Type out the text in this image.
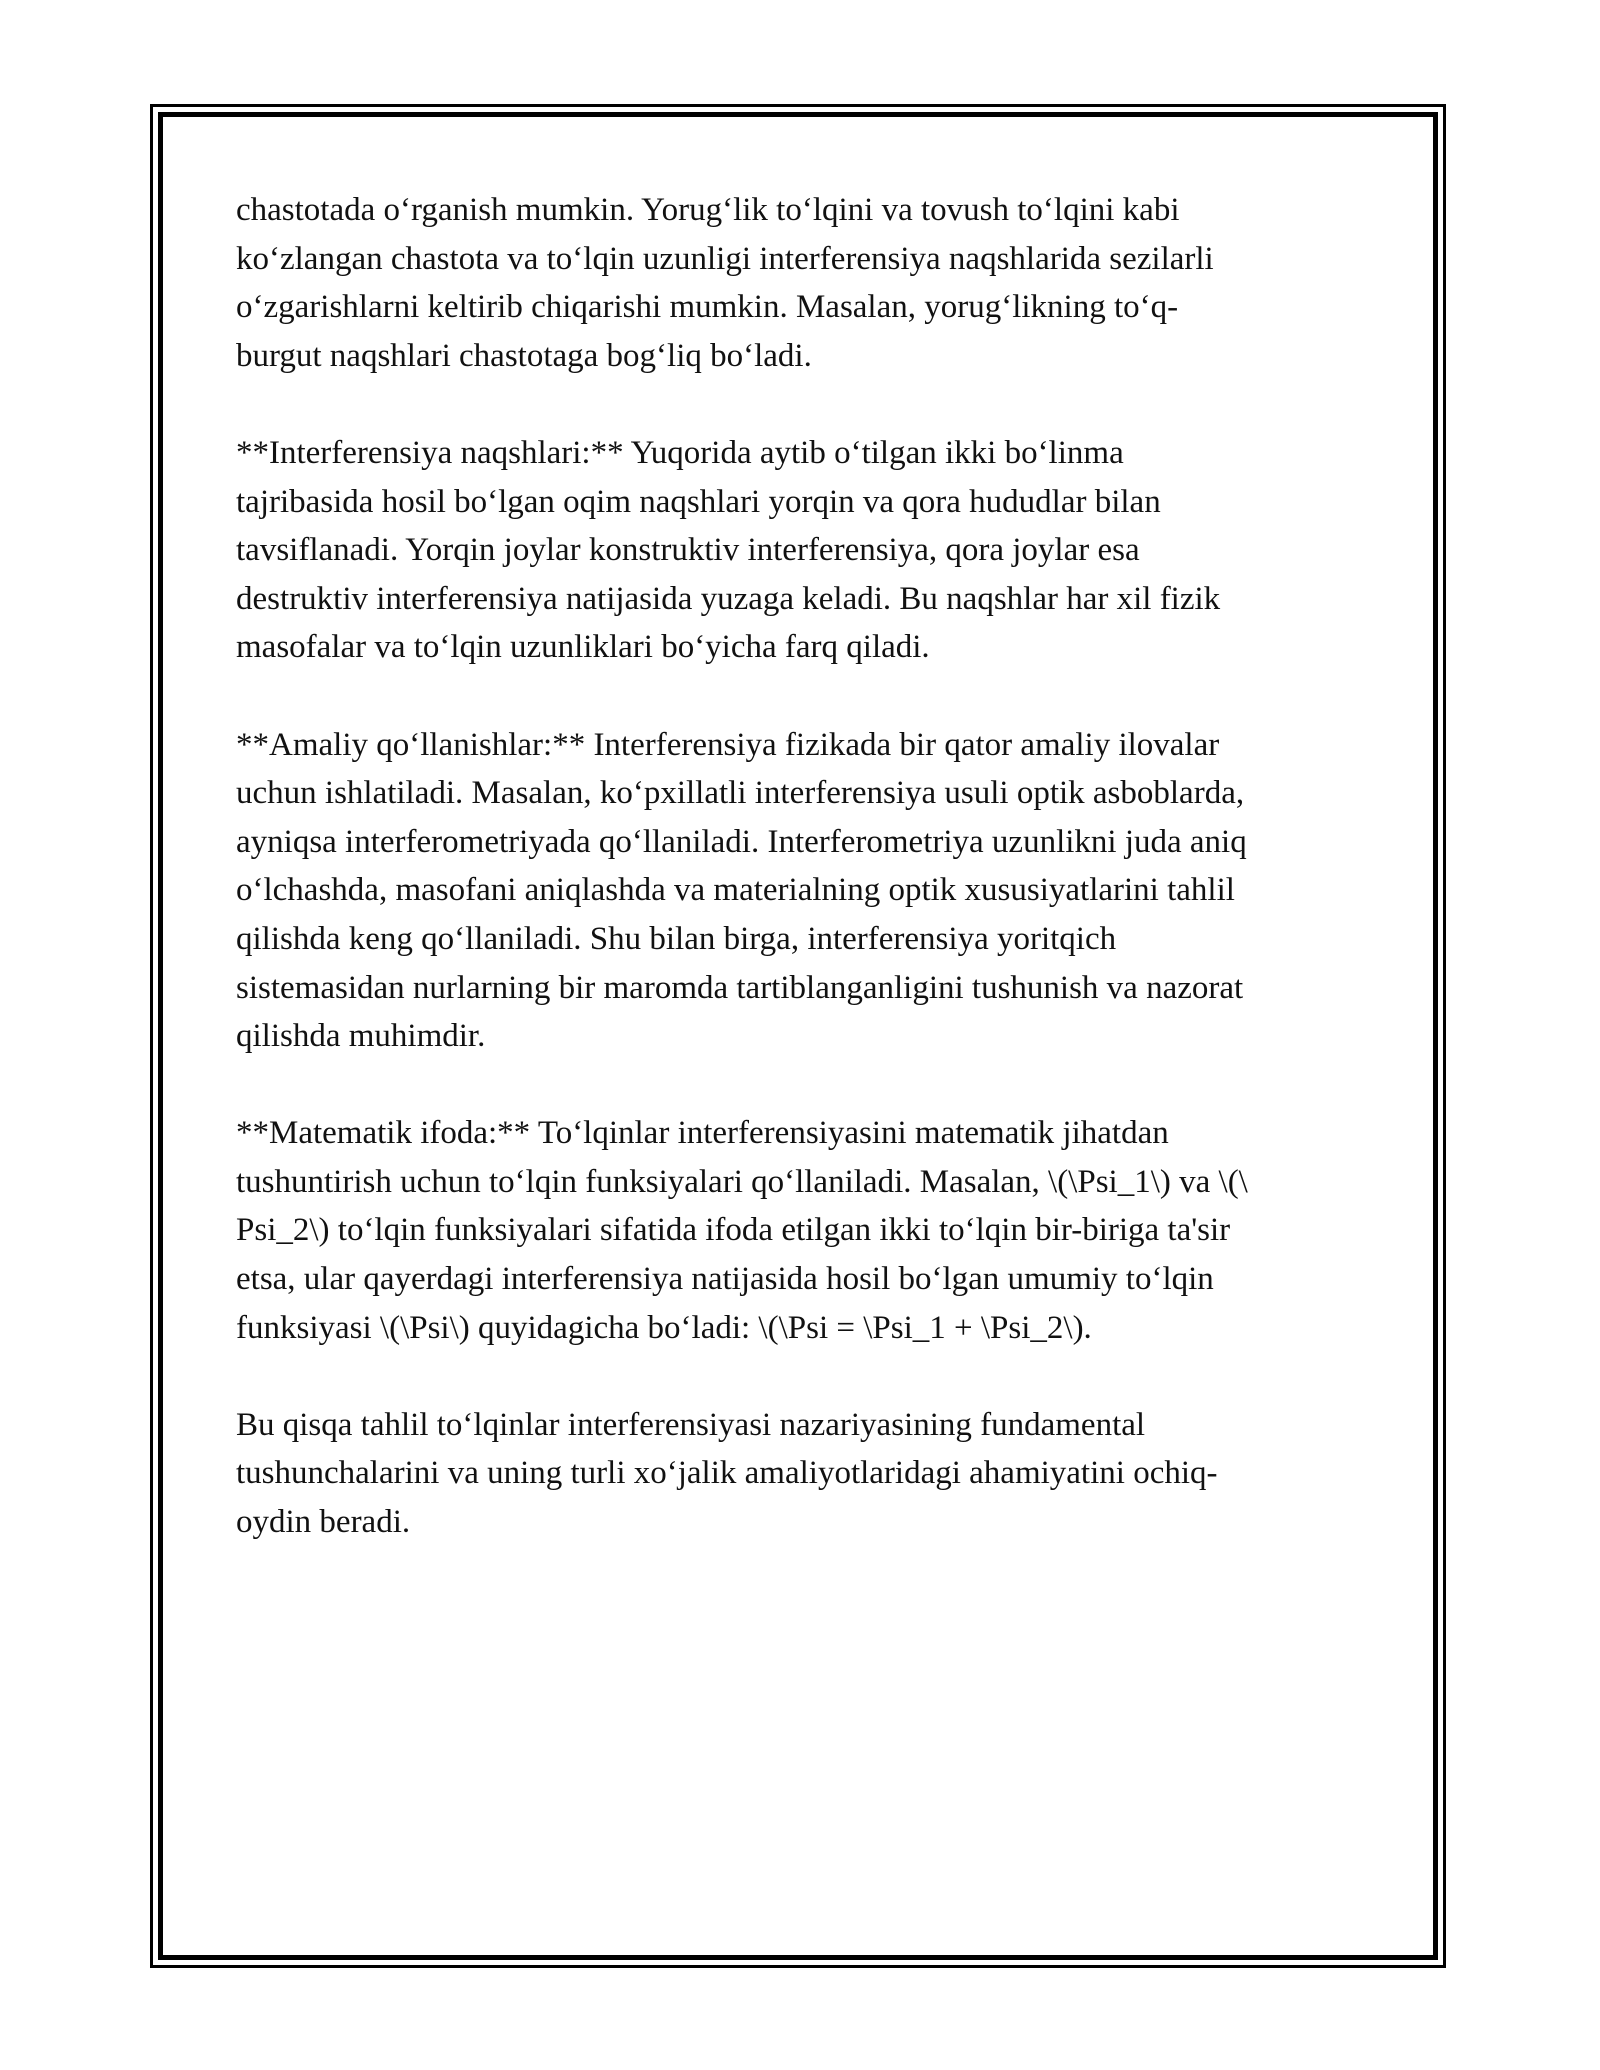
chastotada o‘rganish mumkin. Yorug‘lik to‘lqini va tovush to‘lqini kabi
ko‘zlangan chastota va to‘lqin uzunligi interferensiya naqshlarida sezilarli
o‘zgarishlarni keltirib chiqarishi mumkin. Masalan, yorug‘likning to‘q-
burgut naqshlari chastotaga bog‘liq bo‘ladi.

**Interferensiya naqshlari:** Yuqorida aytib o‘tilgan ikki bo‘linma
tajribasida hosil bo‘lgan oqim naqshlari yorqin va qora hududlar bilan
tavsiflanadi. Yorqin joylar konstruktiv interferensiya, qora joylar esa
destruktiv interferensiya natijasida yuzaga keladi. Bu naqshlar har xil fizik
masofalar va to‘lqin uzunliklari bo‘yicha farq qiladi.

**Amaliy qo‘llanishlar:** Interferensiya fizikada bir qator amaliy ilovalar
uchun ishlatiladi. Masalan, ko‘pxillatli interferensiya usuli optik asboblarda,
ayniqsa interferometriyada qo‘llaniladi. Interferometriya uzunlikni juda aniq
o‘lchashda, masofani aniqlashda va materialning optik xususiyatlarini tahlil
qilishda keng qo‘llaniladi. Shu bilan birga, interferensiya yoritqich
sistemasidan nurlarning bir maromda tartiblanganligini tushunish va nazorat
qilishda muhimdir.

**Matematik ifoda:** To‘lqinlar interferensiyasini matematik jihatdan
tushuntirish uchun to‘lqin funksiyalari qo‘llaniladi. Masalan, \(\Psi_1\) va \(\
Psi_2\) to‘lqin funksiyalari sifatida ifoda etilgan ikki to‘lqin bir-biriga ta'sir
etsa, ular qayerdagi interferensiya natijasida hosil bo‘lgan umumiy to‘lqin
funksiyasi \(\Psi\) quyidagicha bo‘ladi: \(\Psi = \Psi_1 + \Psi_2\).

Bu qisqa tahlil to‘lqinlar interferensiyasi nazariyasining fundamental
tushunchalarini va uning turli xo‘jalik amaliyotlaridagi ahamiyatini ochiq-
oydin beradi.
